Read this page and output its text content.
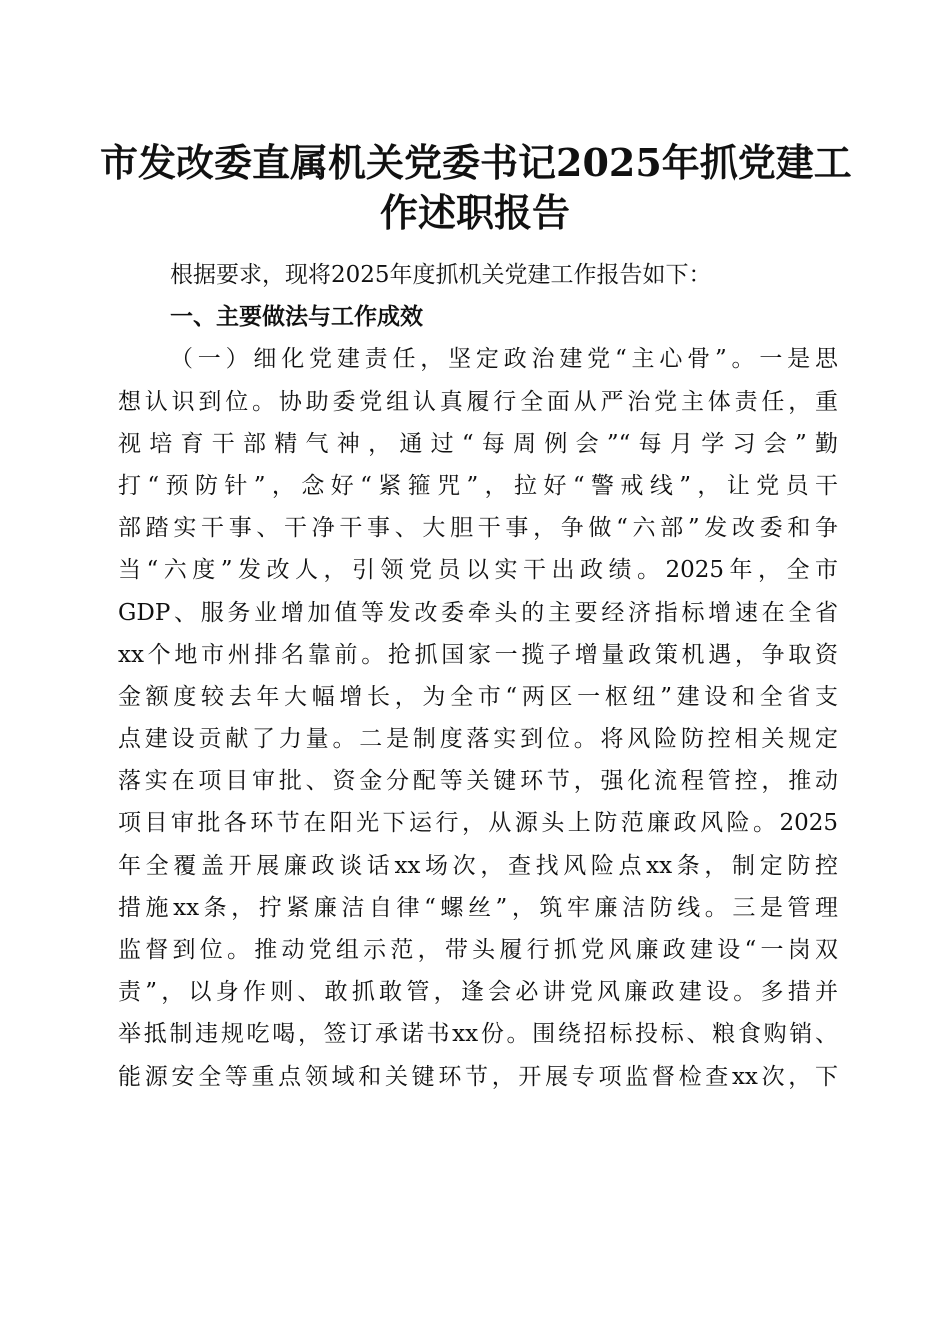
市发改委直属机关党委书记2025年抓党建工
作述职报告
根据要求，现将2025年度抓机关党建工作报告如下：
一、主要做法与工作成效
（一）细化党建责任，坚定政治建党“主心骨”。一是思
想认识到位。协助委党组认真履行全面从严治党主体责任，重
视培育干部精气神，通过“每周例会”“每月学习会”勤
打“预防针”，念好“紧箍咒”，拉好“警戒线”，让党员干
部踏实干事、干净干事、大胆干事，争做“六部”发改委和争
当“六度”发改人，引领党员以实干出政绩。2025年，全市
GDP、服务业增加值等发改委牵头的主要经济指标增速在全省
xx个地市州排名靠前。抢抓国家一揽子增量政策机遇，争取资
金额度较去年大幅增长，为全市“两区一枢纽”建设和全省支
点建设贡献了力量。二是制度落实到位。将风险防控相关规定
落实在项目审批、资金分配等关键环节，强化流程管控，推动
项目审批各环节在阳光下运行，从源头上防范廉政风险。2025
年全覆盖开展廉政谈话xx场次，查找风险点xx条，制定防控
措施xx条，拧紧廉洁自律“螺丝”，筑牢廉洁防线。三是管理
监督到位。推动党组示范，带头履行抓党风廉政建设“一岗双
责”，以身作则、敢抓敢管，逢会必讲党风廉政建设。多措并
举抵制违规吃喝，签订承诺书xx份。围绕招标投标、粮食购销、
能源安全等重点领域和关键环节，开展专项监督检查xx次，下
